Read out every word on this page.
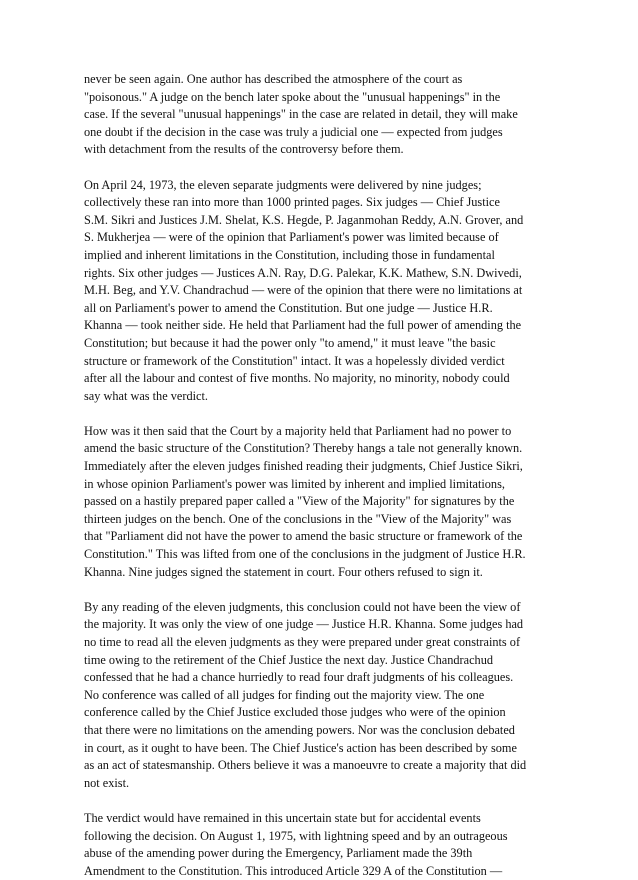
never be seen again. One author has described the atmosphere of the court as
"poisonous." A judge on the bench later spoke about the "unusual happenings" in the
case. If the several "unusual happenings" in the case are related in detail, they will make
one doubt if the decision in the case was truly a judicial one — expected from judges
with detachment from the results of the controversy before them.

On April 24, 1973, the eleven separate judgments were delivered by nine judges;
collectively these ran into more than 1000 printed pages. Six judges — Chief Justice
S.M. Sikri and Justices J.M. Shelat, K.S. Hegde, P. Jaganmohan Reddy, A.N. Grover, and
S. Mukherjea — were of the opinion that Parliament's power was limited because of
implied and inherent limitations in the Constitution, including those in fundamental
rights. Six other judges — Justices A.N. Ray, D.G. Palekar, K.K. Mathew, S.N. Dwivedi,
M.H. Beg, and Y.V. Chandrachud — were of the opinion that there were no limitations at
all on Parliament's power to amend the Constitution. But one judge — Justice H.R.
Khanna — took neither side. He held that Parliament had the full power of amending the
Constitution; but because it had the power only "to amend," it must leave "the basic
structure or framework of the Constitution" intact. It was a hopelessly divided verdict
after all the labour and contest of five months. No majority, no minority, nobody could
say what was the verdict.

How was it then said that the Court by a majority held that Parliament had no power to
amend the basic structure of the Constitution? Thereby hangs a tale not generally known.
Immediately after the eleven judges finished reading their judgments, Chief Justice Sikri,
in whose opinion Parliament's power was limited by inherent and implied limitations,
passed on a hastily prepared paper called a "View of the Majority" for signatures by the
thirteen judges on the bench. One of the conclusions in the "View of the Majority" was
that "Parliament did not have the power to amend the basic structure or framework of the
Constitution." This was lifted from one of the conclusions in the judgment of Justice H.R.
Khanna. Nine judges signed the statement in court. Four others refused to sign it.

By any reading of the eleven judgments, this conclusion could not have been the view of
the majority. It was only the view of one judge — Justice H.R. Khanna. Some judges had
no time to read all the eleven judgments as they were prepared under great constraints of
time owing to the retirement of the Chief Justice the next day. Justice Chandrachud
confessed that he had a chance hurriedly to read four draft judgments of his colleagues.
No conference was called of all judges for finding out the majority view. The one
conference called by the Chief Justice excluded those judges who were of the opinion
that there were no limitations on the amending powers. Nor was the conclusion debated
in court, as it ought to have been. The Chief Justice's action has been described by some
as an act of statesmanship. Others believe it was a manoeuvre to create a majority that did
not exist.

The verdict would have remained in this uncertain state but for accidental events
following the decision. On August 1, 1975, with lightning speed and by an outrageous
abuse of the amending power during the Emergency, Parliament made the 39th
Amendment to the Constitution. This introduced Article 329 A of the Constitution —
